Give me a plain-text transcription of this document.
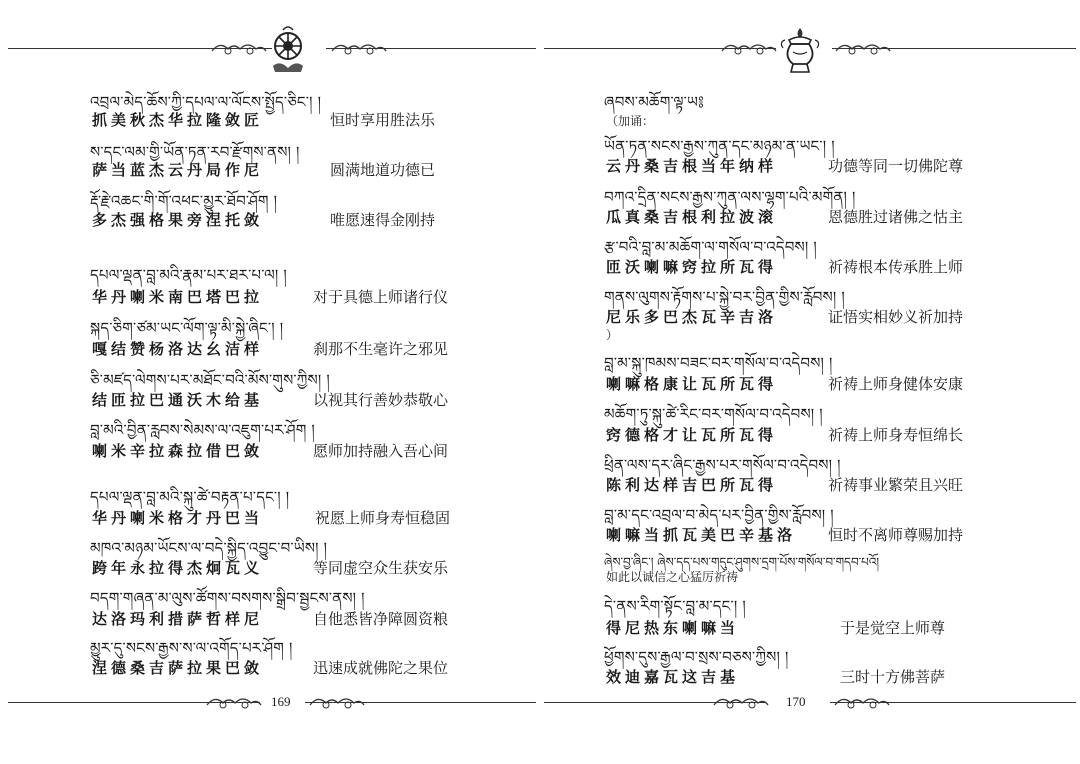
འབྲལ་མེད་ཆོས་ཀྱི་དཔལ་ལ་ལོངས་སྤྱོད་ཅིང་། །
抓美秋杰华拉隆敛匠	恒时享用胜法乐
ས་དང་ལམ་གྱི་ཡོན་ཏན་རབ་རྫོགས་ནས། །
萨当蓝杰云丹局作尼	圆满地道功德已
རྡོ་རྗེ་འཆང་གི་གོ་འཕང་མྱུར་ཐོབ་ཤོག །
多杰强格果旁涅托敛	唯愿速得金刚持
དཔལ་ལྡན་བླ་མའི་རྣམ་པར་ཐར་པ་ལ། །
华丹喇米南巴塔巴拉	对于具德上师诸行仪
སྐད་ཅིག་ཙམ་ཡང་ལོག་ལྟ་མི་སྐྱེ་ཞིང་། །
嘎结赞杨洛达幺洁样	刹那不生毫许之邪见
ཅི་མཛད་ལེགས་པར་མཐོང་བའི་མོས་གུས་ཀྱིས། །
结匝拉巴通沃木给基	以视其行善妙恭敬心
བླ་མའི་བྱིན་རླབས་སེམས་ལ་འཇུག་པར་ཤོག །
喇米辛拉森拉借巴敛	愿师加持融入吾心间
དཔལ་ལྡན་བླ་མའི་སྐུ་ཚེ་བརྟན་པ་དང་། །
华丹喇米格才丹巴当	祝愿上师身寿恒稳固
མཁའ་མཉམ་ཡོངས་ལ་བདེ་སྐྱིད་འབྱུང་བ་ཡིས། །
跨年永拉得杰炯瓦义	等同虚空众生获安乐
བདག་གཞན་མ་ལུས་ཚོགས་བསགས་སྒྲིབ་སྦྱངས་ནས། །
达洛玛利措萨哲样尼	自他悉皆净障圆资粮
མྱུར་དུ་སངས་རྒྱས་ས་ལ་འགོད་པར་ཤོག །
涅德桑吉萨拉果巴敛	迅速成就佛陀之果位
169
ཞབས་མཆོག་ལྟ་ཡ༔
（加诵：
ཡོན་ཏན་སངས་རྒྱས་ཀུན་དང་མཉམ་ན་ཡང་། །
云丹桑吉根当年纳样	功德等同一切佛陀尊
བཀའ་དྲིན་སངས་རྒྱས་ཀུན་ལས་ལྷག་པའི་མགོན། །
瓜真桑吉根利拉波滚	恩德胜过诸佛之怙主
རྩ་བའི་བླ་མ་མཆོག་ལ་གསོལ་བ་འདེབས། །
匝沃喇嘛窍拉所瓦得	祈祷根本传承胜上师
གནས་ལུགས་རྟོགས་པ་སྐྱེ་བར་བྱིན་གྱིས་རློབས། །
尼乐多巴杰瓦辛吉洛	证悟实相妙义祈加持
）
བླ་མ་སྐུ་ཁམས་བཟང་བར་གསོལ་བ་འདེབས། །
喇嘛格康让瓦所瓦得	祈祷上师身健体安康
མཆོག་ཏུ་སྐུ་ཚེ་རིང་བར་གསོལ་བ་འདེབས། །
窍德格才让瓦所瓦得	祈祷上师身寿恒绵长
ཕྲིན་ལས་དར་ཞིང་རྒྱས་པར་གསོལ་བ་འདེབས། །
陈利达样吉巴所瓦得	祈祷事业繁荣且兴旺
བླ་མ་དང་འབྲལ་བ་མེད་པར་བྱིན་གྱིས་རློབས། །
喇嘛当抓瓦美巴辛基洛 恒时不离师尊赐加持
ཞེས་བྱ་ཞིང་། ཞེས་དད་པས་གདུང་ཤུགས་དྲག་པོས་གསོལ་བ་གདབ་པའོ།
如此以诚信之心猛厉祈祷
དེ་ནས་རིག་སྟོང་བླ་མ་དང་། །
得尼热东喇嘛当	于是觉空上师尊
ཕྱོགས་དུས་རྒྱལ་བ་སྲས་བཅས་ཀྱིས། །
效迪嘉瓦这吉基	三时十方佛菩萨
170
